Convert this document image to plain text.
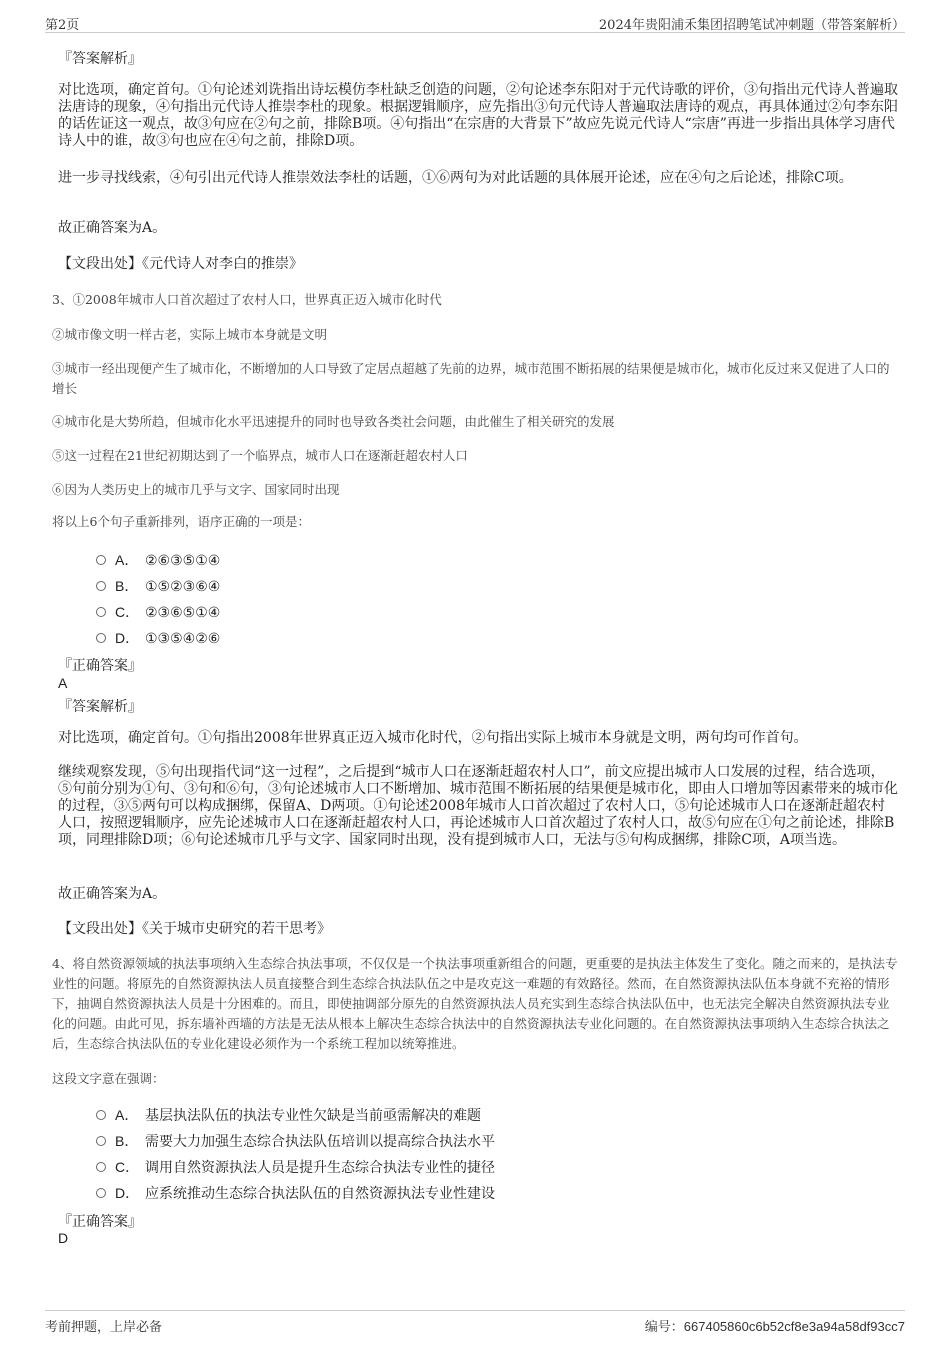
第2页	2024年贵阳浦禾集团招聘笔试冲刺题（带答案解析）
『答案解析』
对比选项，确定首句。①句论述刘诜指出诗坛模仿李杜缺乏创造的问题，②句论述李东阳对于元代诗歌的评价，③句指出元代诗人普遍取法唐诗的现象，④句指出元代诗人推崇李杜的现象。根据逻辑顺序，应先指出③句元代诗人普遍取法唐诗的观点，再具体通过②句李东阳的话佐证这一观点，故③句应在②句之前，排除B项。④句指出“在宗唐的大背景下”故应先说元代诗人“宗唐”再进一步指出具体学习唐代诗人中的谁，故③句也应在④句之前，排除D项。
进一步寻找线索，④句引出元代诗人推崇效法李杜的话题，①⑥两句为对此话题的具体展开论述，应在④句之后论述，排除C项。
故正确答案为A。
【文段出处】《元代诗人对李白的推崇》
3、①2008年城市人口首次超过了农村人口，世界真正迈入城市化时代
②城市像文明一样古老，实际上城市本身就是文明
③城市一经出现便产生了城市化，不断增加的人口导致了定居点超越了先前的边界，城市范围不断拓展的结果便是城市化，城市化反过来又促进了人口的增长
④城市化是大势所趋，但城市化水平迅速提升的同时也导致各类社会问题，由此催生了相关研究的发展
⑤这一过程在21世纪初期达到了一个临界点，城市人口在逐渐赶超农村人口
⑥因为人类历史上的城市几乎与文字、国家同时出现
将以上6个句子重新排列，语序正确的一项是：
A． ②⑥③⑤①④
B． ①⑤②③⑥④
C． ②③⑥⑤①④
D． ①③⑤④②⑥
『正确答案』
A
『答案解析』
对比选项，确定首句。①句指出2008年世界真正迈入城市化时代，②句指出实际上城市本身就是文明，两句均可作首句。
继续观察发现，⑤句出现指代词“这一过程”，之后提到“城市人口在逐渐赶超农村人口”，前文应提出城市人口发展的过程，结合选项，⑤句前分别为①句、③句和⑥句，③句论述城市人口不断增加、城市范围不断拓展的结果便是城市化，即由人口增加等因素带来的城市化的过程，③⑤两句可以构成捆绑，保留A、D两项。①句论述2008年城市人口首次超过了农村人口，⑤句论述城市人口在逐渐赶超农村人口，按照逻辑顺序，应先论述城市人口在逐渐赶超农村人口，再论述城市人口首次超过了农村人口，故⑤句应在①句之前论述，排除B项，同理排除D项；⑥句论述城市几乎与文字、国家同时出现，没有提到城市人口，无法与⑤句构成捆绑，排除C项，A项当选。
故正确答案为A。
【文段出处】《关于城市史研究的若干思考》
4、将自然资源领域的执法事项纳入生态综合执法事项，不仅仅是一个执法事项重新组合的问题，更重要的是执法主体发生了变化。随之而来的，是执法专业性的问题。将原先的自然资源执法人员直接整合到生态综合执法队伍之中是攻克这一难题的有效路径。然而，在自然资源执法队伍本身就不充裕的情形下，抽调自然资源执法人员是十分困难的。而且，即使抽调部分原先的自然资源执法人员充实到生态综合执法队伍中，也无法完全解决自然资源执法专业化的问题。由此可见，拆东墙补西墙的方法是无法从根本上解决生态综合执法中的自然资源执法专业化问题的。在自然资源执法事项纳入生态综合执法之后，生态综合执法队伍的专业化建设必须作为一个系统工程加以统筹推进。
这段文字意在强调：
A． 基层执法队伍的执法专业性欠缺是当前亟需解决的难题
B． 需要大力加强生态综合执法队伍培训以提高综合执法水平
C． 调用自然资源执法人员是提升生态综合执法专业性的捷径
D． 应系统推动生态综合执法队伍的自然资源执法专业性建设
『正确答案』
D
考前押题，上岸必备	编号：667405860c6b52cf8e3a94a58df93cc7
